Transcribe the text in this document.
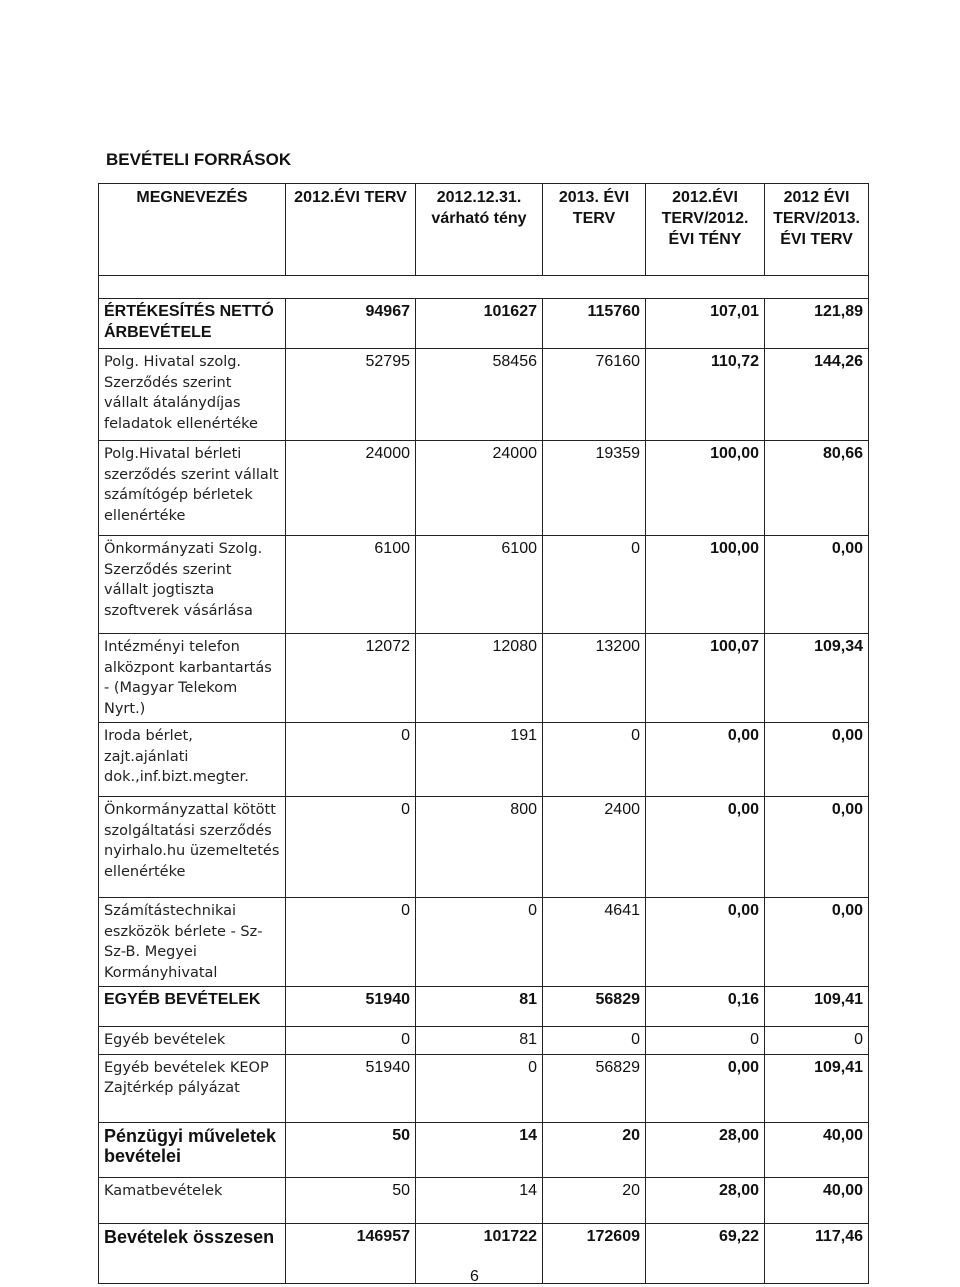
BEVÉTELI FORRÁSOK
MEGNEVEZÉS	2012.ÉVI TERV	2012.12.31. várható tény	2013. ÉVI TERV	2012.ÉVI TERV/2012. ÉVI TÉNY	2012 ÉVI TERV/2013. ÉVI TERV

ÉRTÉKESÍTÉS NETTÓ ÁRBEVÉTELE	94967	101627	115760	107,01	121,89
Polg. Hivatal szolg. Szerződés szerint vállalt átalánydíjas feladatok ellenértéke	52795	58456	76160	110,72	144,26
Polg.Hivatal bérleti szerződés szerint vállalt számítógép bérletek ellenértéke	24000	24000	19359	100,00	80,66
Önkormányzati Szolg. Szerződés szerint vállalt jogtiszta szoftverek vásárlása	6100	6100	0	100,00	0,00
Intézményi telefon alközpont karbantartás - (Magyar Telekom Nyrt.)	12072	12080	13200	100,07	109,34
Iroda bérlet, zajt.ajánlati dok.,inf.bizt.megter.	0	191	0	0,00	0,00
Önkormányzattal kötött szolgáltatási szerződés nyirhalo.hu üzemeltetés ellenértéke	0	800	2400	0,00	0,00
Számítástechnikai eszközök bérlete - Sz-Sz-B. Megyei Kormányhivatal	0	0	4641	0,00	0,00
EGYÉB BEVÉTELEK	51940	81	56829	0,16	109,41
Egyéb bevételek	0	81	0	0	0
Egyéb bevételek KEOP Zajtérkép pályázat	51940	0	56829	0,00	109,41
Pénzügyi műveletek bevételei	50	14	20	28,00	40,00
Kamatbevételek	50	14	20	28,00	40,00
Bevételek összesen	146957	101722	172609	69,22	117,46
6
